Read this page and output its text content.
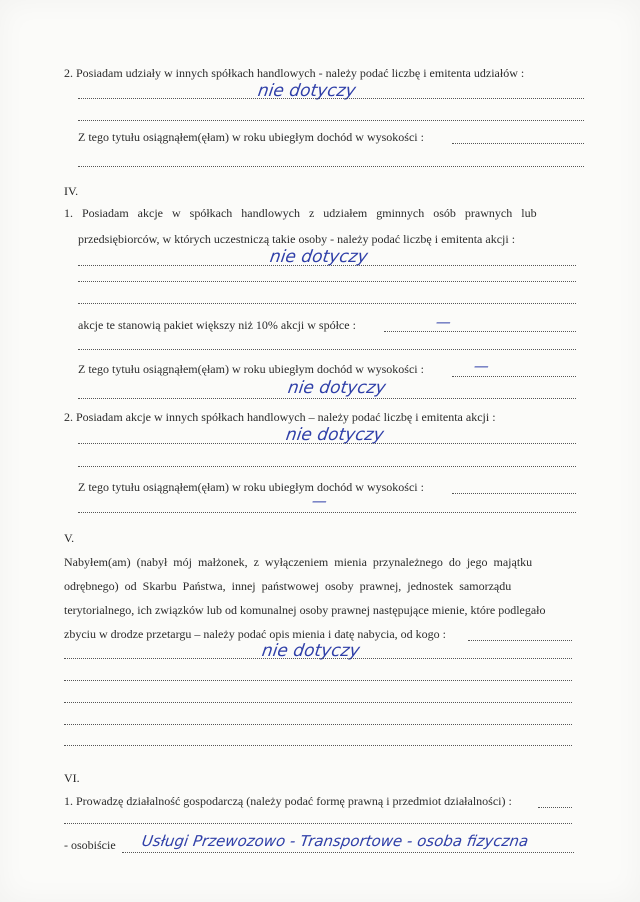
2. Posiadam udziały w innych spółkach handlowych - należy podać liczbę i emitenta udziałów :
nie dotyczy
Z tego tytułu osiągnąłem(ęłam) w roku ubiegłym dochód w wysokości :
IV.
1. Posiadam akcje w spółkach handlowych z udziałem gminnych osób prawnych lub
przedsiębiorców, w których uczestniczą takie osoby - należy podać liczbę i emitenta akcji :
nie dotyczy
akcje te stanowią pakiet większy niż 10% akcji w spółce :	—
Z tego tytułu osiągnąłem(ęłam) w roku ubiegłym dochód w wysokości :	—
nie dotyczy
2. Posiadam akcje w innych spółkach handlowych – należy podać liczbę i emitenta akcji :
nie dotyczy
Z tego tytułu osiągnąłem(ęłam) w roku ubiegłym dochód w wysokości :
—
V.
Nabyłem(am) (nabył mój małżonek, z wyłączeniem mienia przynależnego do jego majątku
odrębnego) od Skarbu Państwa, innej państwowej osoby prawnej, jednostek samorządu
terytorialnego, ich związków lub od komunalnej osoby prawnej następujące mienie, które podlegało
zbyciu w drodze przetargu – należy podać opis mienia i datę nabycia, od kogo :
nie dotyczy
VI.
1. Prowadzę działalność gospodarczą (należy podać formę prawną i przedmiot działalności) :
- osobiście Usługi Przewozowo - Transportowe - osoba fizyczna
